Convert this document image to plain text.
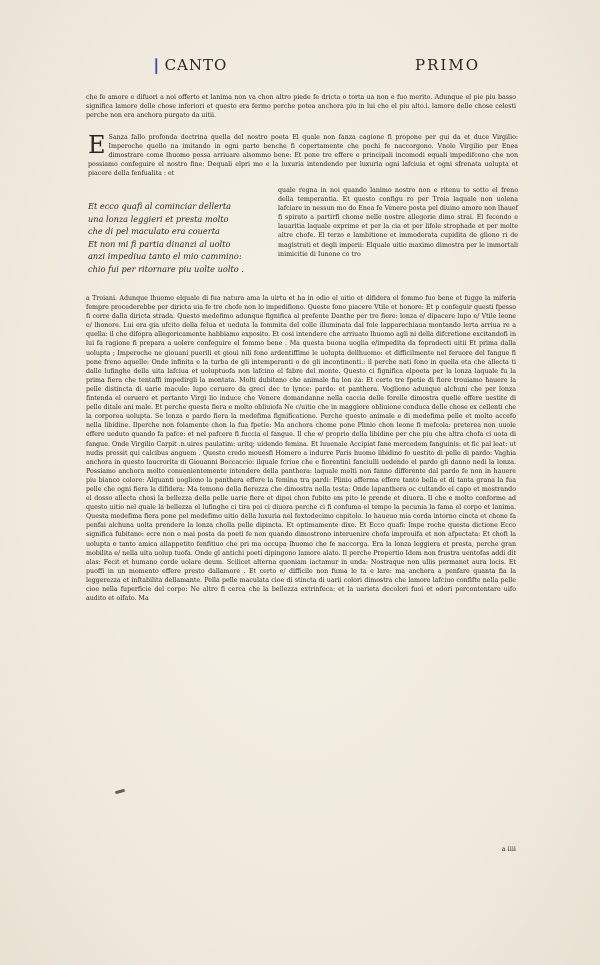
❘CANTO	PRIMO
che fe amore e difuori a noi offerto et lanima non va chon altro piede fe dricta o torta ua non e fuo merito. Adunque el pie piu basso significa lamore delle chose inferiori et questo era fermo perche potea anchora piu in lui che el piu alto.i. lamore delle chose celesti perche non era anchora purgato da uitii.
E Sanza fallo profonda dectrina quella del nostro poeta El quale non fanza cagione fi propone per gui da et duce Virgilio: Imperoche quello na imitando in ogni parte benche fi copertamente che pochi fe naccorgono. Vnole Virgilio per Enea dimostrare come lhuomo possa arriuare alsommo bene: Et pone tre effere e principali incomodi equali impedifcono che non possiamo confeguire el nostro fine: Dequali elpri mo e la luxuria intendendo per luxuria ogni lafciuia et ogni sfrenata uolupta et piacere della fenfualita : et
Et ecco quafi al cominciar dellerta
una lonza leggieri et presta molto
che di pel maculato era couerta
Et non mi fi partia dinanzi al uolto
anzi impediua tanto el mio cammino:
chio fui per ritornare piu uolte uolto .
quale regna in noi quando lanimo nostro non e ritenu to sotto el freno della temperantia. Et questo configu ro per Troia laquale non uolena lafciare in nessun mo do Enea fe Venere posta pel diuino amore non lhauef fi spirato a partirfi chome nelle nostre allegorie dimo strai. El fecondo e lauaritia laquale exprime et per la cia et per lifole strophade et per molte altre chofe. El terzo e lambitione et immoderata cupidita de gliono ri de magistrati et degli imperii: Elquale uitio maximo dimostra per le immortali inimicitie di Iunone co tro
a Troiani. Adunque lhuomo elquale di fua natura ama la uirtu et ha in odio el uitio et difidera el fommo fuo bene et fugge la miferia fempre procederebbe per diricta uia fe tre chofe non lo impedifiono. Queste fono piacere Vtile et honore: Et p confeguir questi fpesso fi corre dalla diricta strada. Questo medefimo adunque fignifica al prefente Danthe per tre fiere: lonza e/ dipacere lupo e/ Vtile leone e/ lhonore. Lui era gia ufcito della felua et ueduta la fommita del colle illuminata dal fole lapparechiaua montando lerta arriua re a quella: il che difopra allegoricamente habbiamo exposito. Et cosi intendere che arriuato lhuomo agli ni della difcretione excitandofi in lui fa ragione fi prepara a uolere confeguire el fommo bene . Ma questa buona uoglia e/impedita da fopradecti uitii Et prima dalla uolupta ; Imperoche ne giouani puerili et gioui nili fono ardentiffime le uolupta dellhuomo: et difficilmente nel feruore del fangue fi pone freno aquelle: Onde infinita e la turba de gli intemperanti o de gli incontinenti.: il perche nati fono in quella eta che allecta ti dalle lufinghe della uita lafciua et uoluptuofa non lafcino el fabre del monte. Questo ci fignifica elpoeta per la lonza laquale fu la prima fiera che tentaffi impedirgli la montata. Molti dubitano che animale fia lon za: Et certo tre fpetie di fiere trouiamo hauere la pelle distincta di uarie macule: lupo ceruero da greci dec to lynce: pardo: et panthera. Vogliono adunque alchuni che per lonza fintenda el ceruero et pertanto Virgi lio induce che Venere domandanne nella caccia delle forelle dimostra quelle effere uestite di pelle ditale ani male. Et perche questa fiera e molto obliuiofa Ne c/uitio che in maggiore obliuione conduca delle chose ex cellenti che la corporea uolupta. Se lonza e pardo fiera la medefima fignificatione. Perche questo animale e di medefima pelle et molto accefo nella libidine. Ilperche non folamente chon la fua fpetie: Ma anchora chome pone Plinio chon leone fi mefcola: preterea non uuole effere ueduto quando fa pafce: et nel pafcere fi fuccia el fangue. Il che e/ proprio della libidine per che piu che altra chofa ci uota di fangue. Onde Virgilio Carpit .n.uires paulatim: uritq; uidendo femina. Et luuenale Accipiat fane mercedem fanguinis: et fic pal leat: ut nudis pressit qui calcibus anguem . Questo credo mouesfi Homero a indurre Paris huomo libidino fo uestito di pelle di pardo: Vaghia anchora in questo laucrorita di Giouanni Boccaccio: ilquale fcriue che e fiorentini fanciulli uedendo el pardo gli danno nedi la lonza. Possiamo anchora molto conuenientemente intendere della panthera: laquale molti non fanno differente dal pardo fe non in hauere piu bianco colore: Alquanti uogliono la panthera effere la femina tra pardi: Plinio afferma effere tanto bella et di tanta grana la fua pelle che ogni fiera la difidera: Ma temono della fierezza che dimostra nella testa: Onde lapanthera oc cultando el capo et mostrando el dosso allecta chosi la bellezza della pelle uarie fiere et dipoi chon fubito em pito le prende et diuora. Il che e molto conforme ad questo uitio nel quale la bellezza el lufinghe ci tira poi ci diuora perche ci fi confuma el tempo la pecunia la fama el corpo et lanima. Questa medefima fiera pone pel medefimo uitio della luxuria nel fextodecimo capitolo. Io haueuo mia corda intorno cincta et chone fa penfai alchuna uolta prendere la lonza cholla pelle dipincta. Et optimamente dixe. Et Ecco quafi: Impe roche questa dictione Ecco significa fubitano: ecre non e mai posta da poeti fe non quando dimostrono interuenire chofa improuifa et non afpectata: Et chofi la uolupta e tanto amica allappetito fenfitiuo che pri ma occupa lhuomo che fe naccorga. Era la lonza leggiera et presta, perche gran mobilita e/ nella uita uolup tuofa. Onde gl antichi poeti dipingono lamore alato. Il perche Propertio Idem non frustra uentofas addi dit alas: Fecit et humano corde uolare deum. Scilicet alterna quoniam iactamur in unda: Nostraque non ullis permanet aura locis. Et puoffi in un momento effere presto dallamore . Et certo e/ difficile non fuma le ta e lare: ma anchora a penfare quanta fia la leggerezza et inftabilita dellamante. Pella pelle maculata cioe di stincta di uarii colori dimostra che lamore lafciuo confifte nella pelle cioe nella fuperficie del corpo: Ne altro fi cerca che la bellezza extrinfeca: et la uarieta decolori fuoi et odori percontentare uifo audito et olfato. Ma
a iiii
